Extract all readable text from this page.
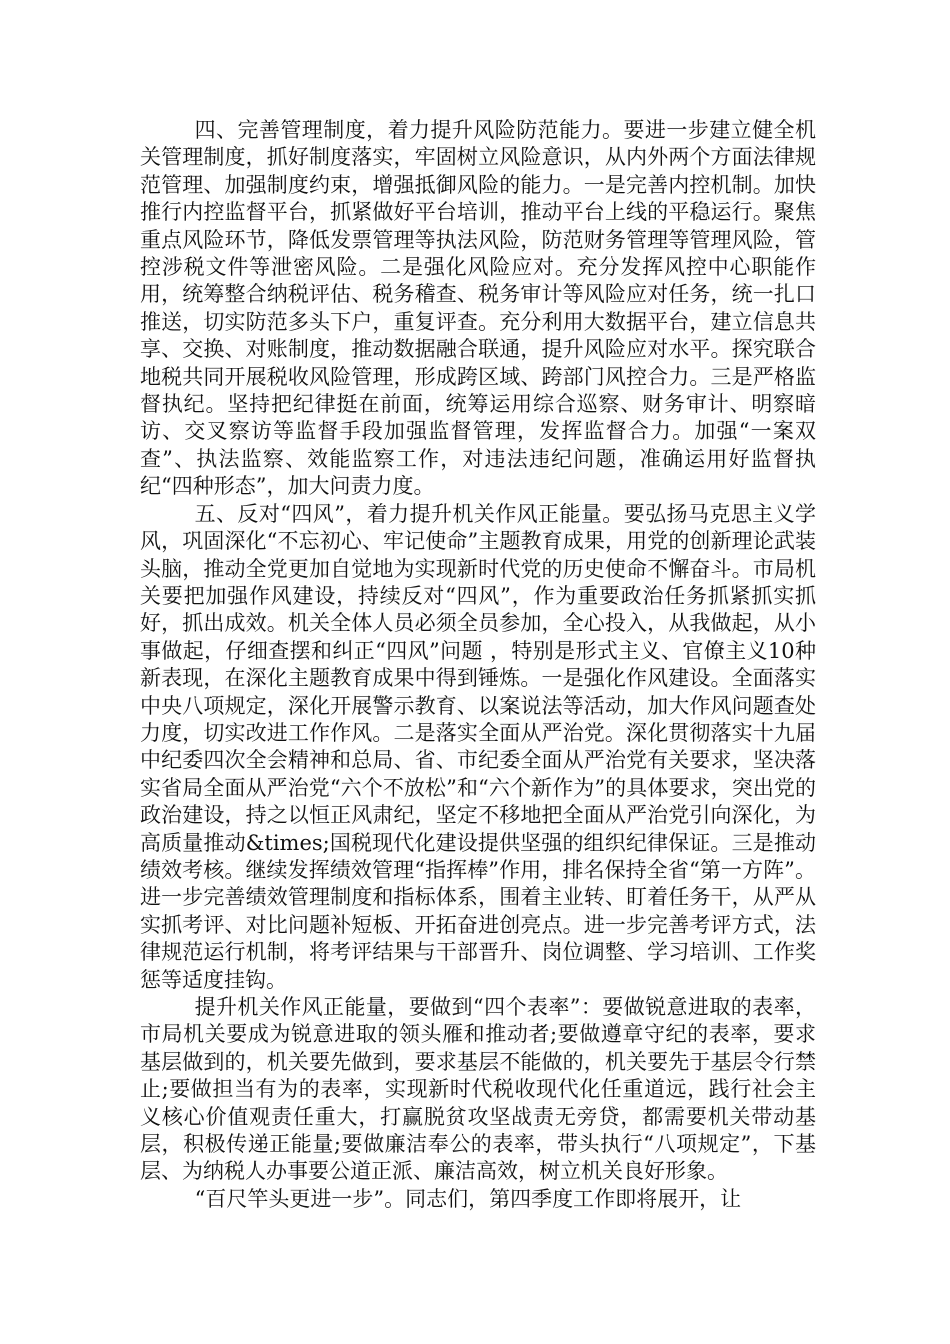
四、完善管理制度，着力提升风险防范能力。要进一步建立健全机关管理制度，抓好制度落实，牢固树立风险意识，从内外两个方面法律规范管理、加强制度约束，增强抵御风险的能力。一是完善内控机制。加快推行内控监督平台，抓紧做好平台培训，推动平台上线的平稳运行。聚焦重点风险环节，降低发票管理等执法风险，防范财务管理等管理风险，管控涉税文件等泄密风险。二是强化风险应对。充分发挥风控中心职能作用，统筹整合纳税评估、税务稽查、税务审计等风险应对任务，统一扎口推送，切实防范多头下户，重复评查。充分利用大数据平台，建立信息共享、交换、对账制度，推动数据融合联通，提升风险应对水平。探究联合地税共同开展税收风险管理，形成跨区域、跨部门风控合力。三是严格监督执纪。坚持把纪律挺在前面，统筹运用综合巡察、财务审计、明察暗访、交叉察访等监督手段加强监督管理，发挥监督合力。加强“一案双查”、执法监察、效能监察工作，对违法违纪问题，准确运用好监督执纪“四种形态”，加大问责力度。

五、反对“四风”，着力提升机关作风正能量。要弘扬马克思主义学风，巩固深化“不忘初心、牢记使命”主题教育成果，用党的创新理论武装头脑，推动全党更加自觉地为实现新时代党的历史使命不懈奋斗。市局机关要把加强作风建设，持续反对“四风”，作为重要政治任务抓紧抓实抓好，抓出成效。机关全体人员必须全员参加，全心投入，从我做起，从小事做起，仔细查摆和纠正“四风”问题 ，特别是形式主义、官僚主义10种新表现，在深化主题教育成果中得到锤炼。一是强化作风建设。全面落实中央八项规定，深化开展警示教育、以案说法等活动，加大作风问题查处力度，切实改进工作作风。二是落实全面从严治党。深化贯彻落实十九届中纪委四次全会精神和总局、省、市纪委全面从严治党有关要求，坚决落实省局全面从严治党“六个不放松”和“六个新作为”的具体要求，突出党的政治建设，持之以恒正风肃纪，坚定不移地把全面从严治党引向深化，为高质量推动&times;国税现代化建设提供坚强的组织纪律保证。三是推动绩效考核。继续发挥绩效管理“指挥棒”作用，排名保持全省“第一方阵”。进一步完善绩效管理制度和指标体系，围着主业转、盯着任务干，从严从实抓考评、对比问题补短板、开拓奋进创亮点。进一步完善考评方式，法律规范运行机制，将考评结果与干部晋升、岗位调整、学习培训、工作奖惩等适度挂钩。

提升机关作风正能量，要做到“四个表率”：要做锐意进取的表率，市局机关要成为锐意进取的领头雁和推动者;要做遵章守纪的表率，要求基层做到的，机关要先做到，要求基层不能做的，机关要先于基层令行禁止;要做担当有为的表率，实现新时代税收现代化任重道远，践行社会主义核心价值观责任重大，打赢脱贫攻坚战责无旁贷，都需要机关带动基层，积极传递正能量;要做廉洁奉公的表率，带头执行“八项规定”，下基层、为纳税人办事要公道正派、廉洁高效，树立机关良好形象。

“百尺竿头更进一步”。同志们，第四季度工作即将展开，让
